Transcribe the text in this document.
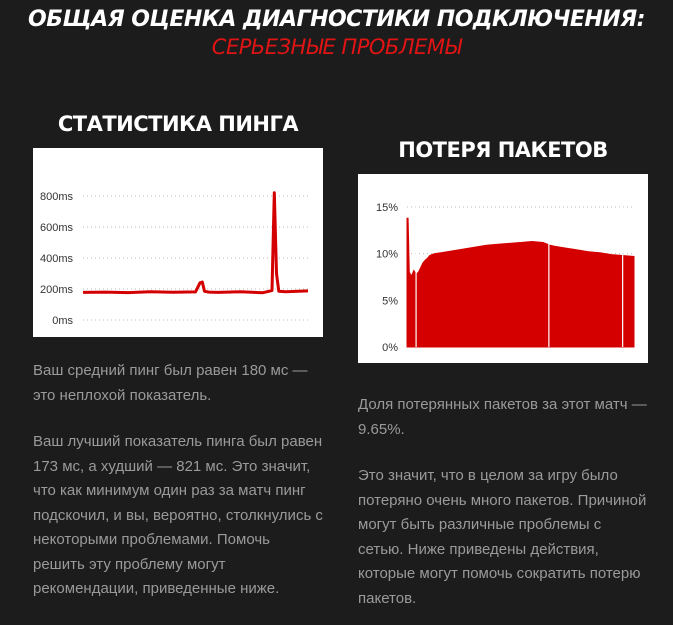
ОБЩАЯ ОЦЕНКА ДИАГНОСТИКИ ПОДКЛЮЧЕНИЯ:
СЕРЬЕЗНЫЕ ПРОБЛЕМЫ
СТАТИСТИКА ПИНГА
0ms
200ms
400ms
600ms
800ms

Ваш средний пинг был равен 180 мс — это неплохой показатель.

Ваш лучший показатель пинга был равен 173 мс, а худший — 821 мс. Это значит, что как минимум один раз за матч пинг подскочил, и вы, вероятно, столкнулись с некоторыми проблемами. Помочь решить эту проблему могут рекомендации, приведенные ниже.

ПОТЕРЯ ПАКЕТОВ
0%
5%
10%
15%

Доля потерянных пакетов за этот матч — 9.65%.

Это значит, что в целом за игру было потеряно очень много пакетов. Причиной могут быть различные проблемы с сетью. Ниже приведены действия, которые могут помочь сократить потерю пакетов.
